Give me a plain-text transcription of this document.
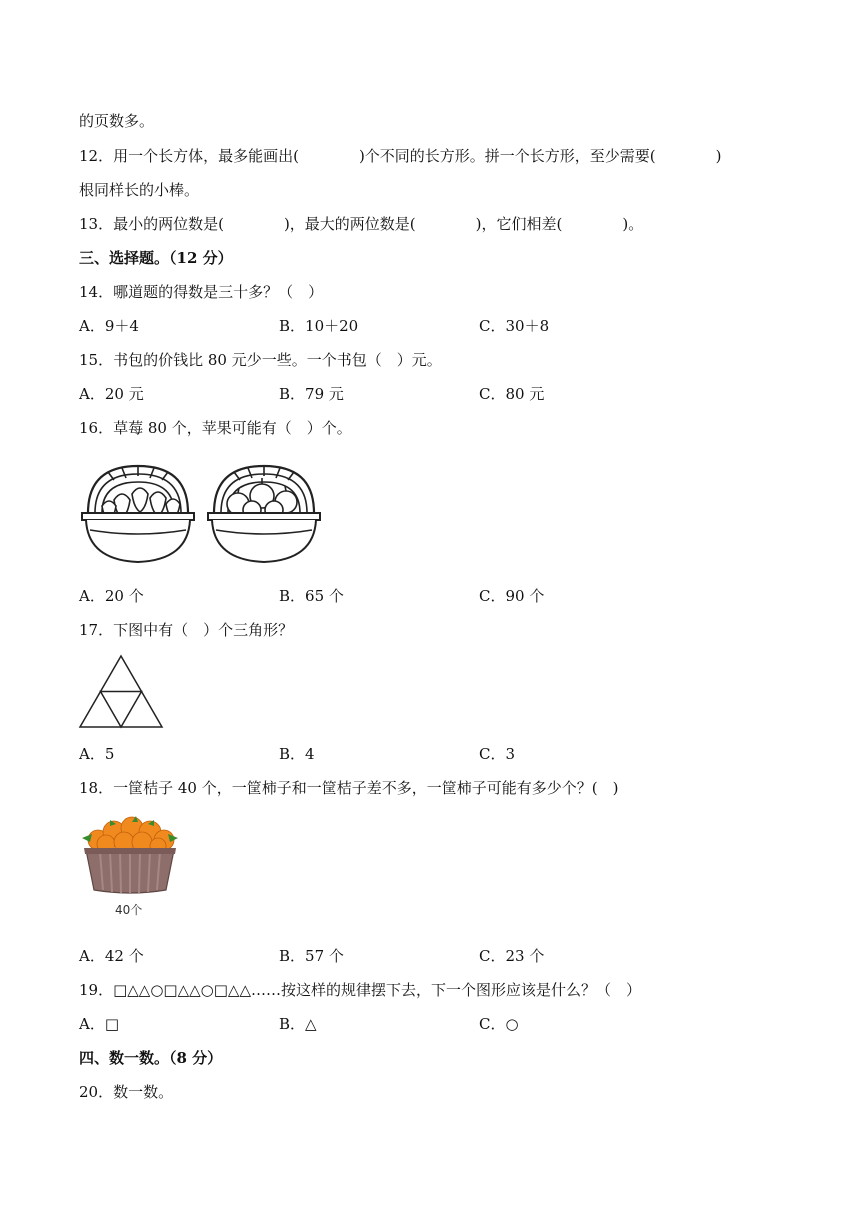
的页数多。
12．用一个长方体，最多能画出(　　　　)个不同的长方形。拼一个长方形，至少需要(　　　　)
根同样长的小棒。
13．最小的两位数是(　　　　)，最大的两位数是(　　　　)，它们相差(　　　　)。
三、选择题。（12 分）
14．哪道题的得数是三十多？（　）
A．9＋4	B．10＋20	C．30＋8
15．书包的价钱比 80 元少一些。一个书包（　）元。
A．20 元	B．79 元	C．80 元
16．草莓 80 个，苹果可能有（　）个。
A．20 个	B．65 个	C．90 个
17．下图中有（　）个三角形？
A．5	B．4	C．3
18．一筐桔子 40 个，一筐柿子和一筐桔子差不多，一筐柿子可能有多少个？(　)
40个
A．42 个	B．57 个	C．23 个
19．□△△○□△△○□△△……按这样的规律摆下去，下一个图形应该是什么？（　）
A．□	B．△	C．○
四、数一数。（8 分）
20．数一数。
